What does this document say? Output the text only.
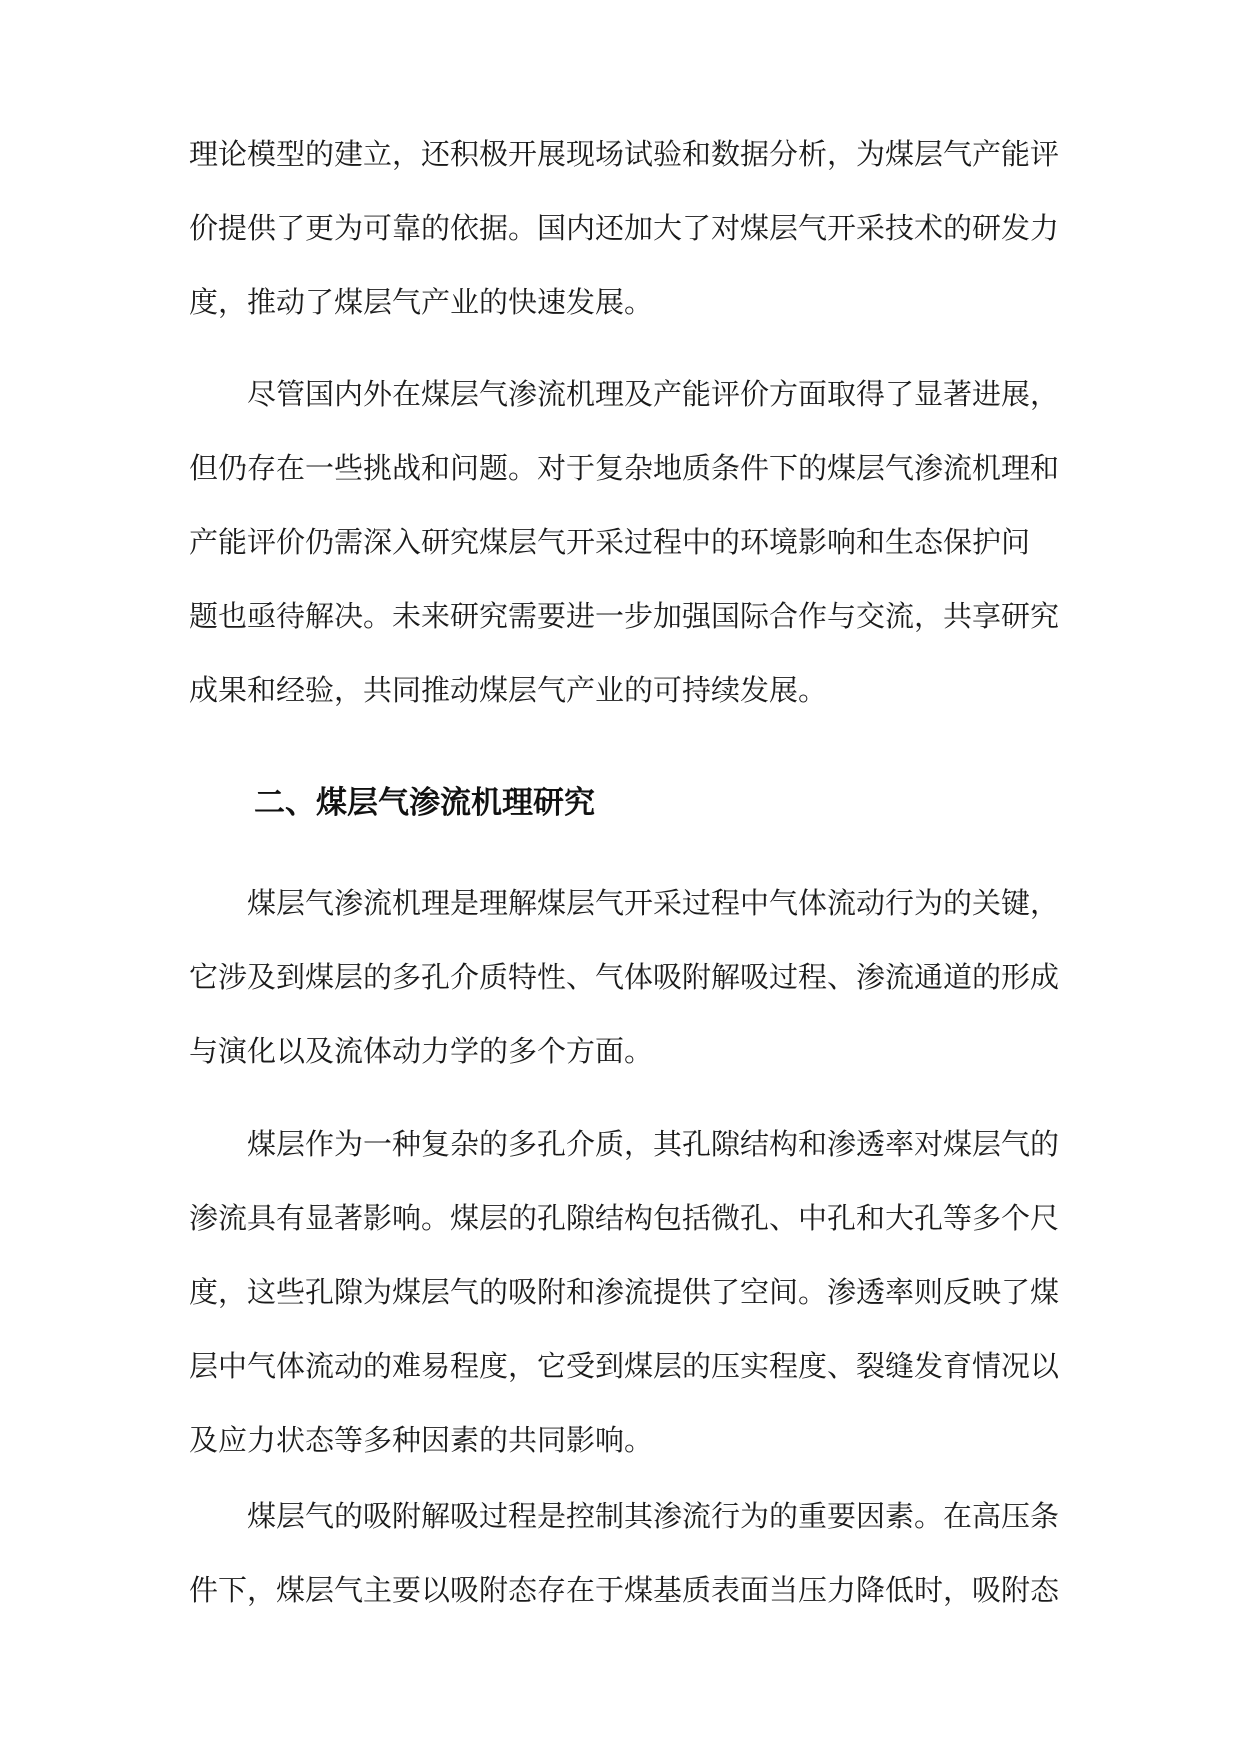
理论模型的建立，还积极开展现场试验和数据分析，为煤层气产能评
价提供了更为可靠的依据。国内还加大了对煤层气开采技术的研发力
度，推动了煤层气产业的快速发展。
尽管国内外在煤层气渗流机理及产能评价方面取得了显著进展，
但仍存在一些挑战和问题。对于复杂地质条件下的煤层气渗流机理和
产能评价仍需深入研究煤层气开采过程中的环境影响和生态保护问
题也亟待解决。未来研究需要进一步加强国际合作与交流，共享研究
成果和经验，共同推动煤层气产业的可持续发展。
二、煤层气渗流机理研究
煤层气渗流机理是理解煤层气开采过程中气体流动行为的关键，
它涉及到煤层的多孔介质特性、气体吸附解吸过程、渗流通道的形成
与演化以及流体动力学的多个方面。
煤层作为一种复杂的多孔介质，其孔隙结构和渗透率对煤层气的
渗流具有显著影响。煤层的孔隙结构包括微孔、中孔和大孔等多个尺
度，这些孔隙为煤层气的吸附和渗流提供了空间。渗透率则反映了煤
层中气体流动的难易程度，它受到煤层的压实程度、裂缝发育情况以
及应力状态等多种因素的共同影响。
煤层气的吸附解吸过程是控制其渗流行为的重要因素。在高压条
件下，煤层气主要以吸附态存在于煤基质表面当压力降低时，吸附态
